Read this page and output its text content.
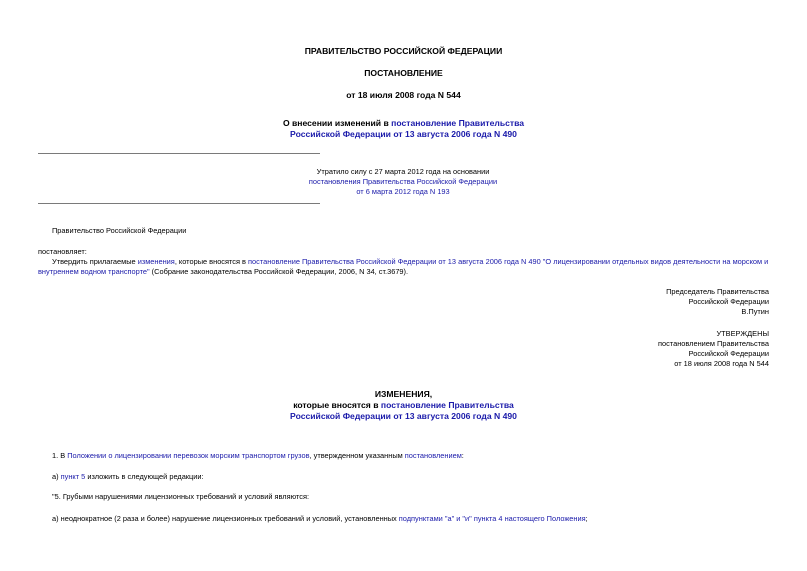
ПРАВИТЕЛЬСТВО РОССИЙСКОЙ ФЕДЕРАЦИИ
ПОСТАНОВЛЕНИЕ
от 18 июля 2008 года N 544
О внесении изменений в постановление Правительства
Российской Федерации от 13 августа 2006 года N 490
Утратило силу с 27 марта 2012 года на основании
постановления Правительства Российской Федерации
от 6 марта 2012 года N 193
Правительство Российской Федерации
постановляет:
Утвердить прилагаемые изменения, которые вносятся в постановление Правительства Российской Федерации от 13 августа 2006 года N 490 "О лицензировании отдельных видов деятельности на морском и
внутреннем водном транспорте" (Собрание законодательства Российской Федерации, 2006, N 34, ст.3679).
Председатель Правительства
Российской Федерации
В.Путин
УТВЕРЖДЕНЫ
постановлением Правительства
Российской Федерации
от 18 июля 2008 года N 544
ИЗМЕНЕНИЯ,
которые вносятся в постановление Правительства
Российской Федерации от 13 августа 2006 года N 490
1. В Положении о лицензировании перевозок морским транспортом грузов, утвержденном указанным постановлением:
а) пункт 5 изложить в следующей редакции:
"5. Грубыми нарушениями лицензионных требований и условий являются:
а) неоднократное (2 раза и более) нарушение лицензионных требований и условий, установленных подпунктами "а" и "и" пункта 4 настоящего Положения;
